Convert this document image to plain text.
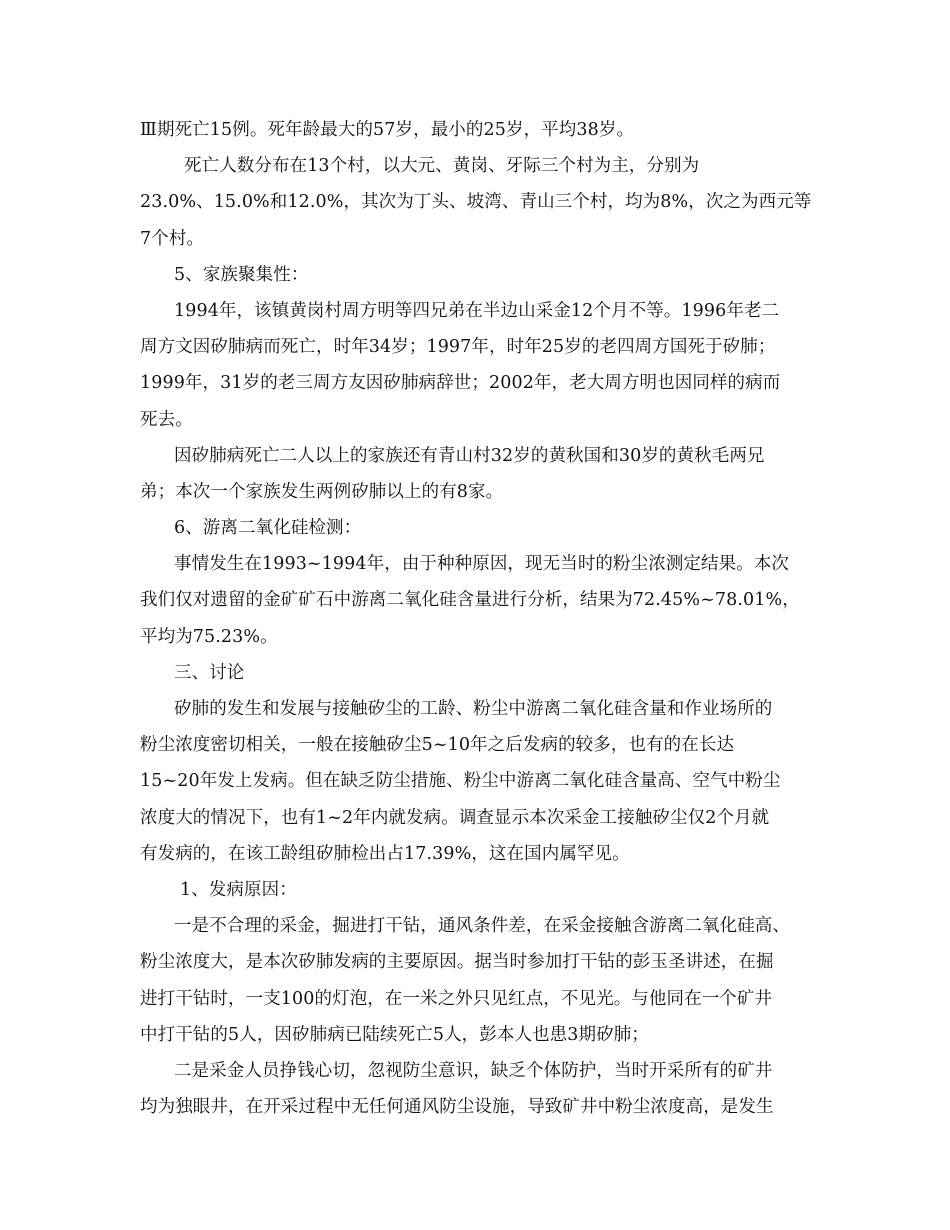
Ⅲ期死亡15例。死年龄最大的57岁，最小的25岁，平均38岁。
死亡人数分布在13个村，以大元、黄岗、牙际三个村为主，分别为
23.0%、15.0%和12.0%，其次为丁头、坡湾、青山三个村，均为8%，次之为西元等
7个村。
5、家族聚集性：
1994年，该镇黄岗村周方明等四兄弟在半边山采金12个月不等。1996年老二
周方文因矽肺病而死亡，时年34岁；1997年，时年25岁的老四周方国死于矽肺；
1999年，31岁的老三周方友因矽肺病辞世；2002年，老大周方明也因同样的病而
死去。
因矽肺病死亡二人以上的家族还有青山村32岁的黄秋国和30岁的黄秋毛两兄
弟；本次一个家族发生两例矽肺以上的有8家。
6、游离二氧化硅检测：
事情发生在1993~1994年，由于种种原因，现无当时的粉尘浓测定结果。本次
我们仅对遗留的金矿矿石中游离二氧化硅含量进行分析，结果为72.45%~78.01%，
平均为75.23%。
三、讨论
矽肺的发生和发展与接触矽尘的工龄、粉尘中游离二氧化硅含量和作业场所的
粉尘浓度密切相关，一般在接触矽尘5~10年之后发病的较多，也有的在长达
15~20年发上发病。但在缺乏防尘措施、粉尘中游离二氧化硅含量高、空气中粉尘
浓度大的情况下，也有1~2年内就发病。调查显示本次采金工接触矽尘仅2个月就
有发病的，在该工龄组矽肺检出占17.39%，这在国内属罕见。
1、发病原因：
一是不合理的采金，掘进打干钻，通风条件差，在采金接触含游离二氧化硅高、
粉尘浓度大，是本次矽肺发病的主要原因。据当时参加打干钻的彭玉圣讲述，在掘
进打干钻时，一支100的灯泡，在一米之外只见红点，不见光。与他同在一个矿井
中打干钻的5人，因矽肺病已陆续死亡5人，彭本人也患3期矽肺；
二是采金人员挣钱心切，忽视防尘意识，缺乏个体防护，当时开采所有的矿井
均为独眼井，在开采过程中无任何通风防尘设施，导致矿井中粉尘浓度高，是发生
